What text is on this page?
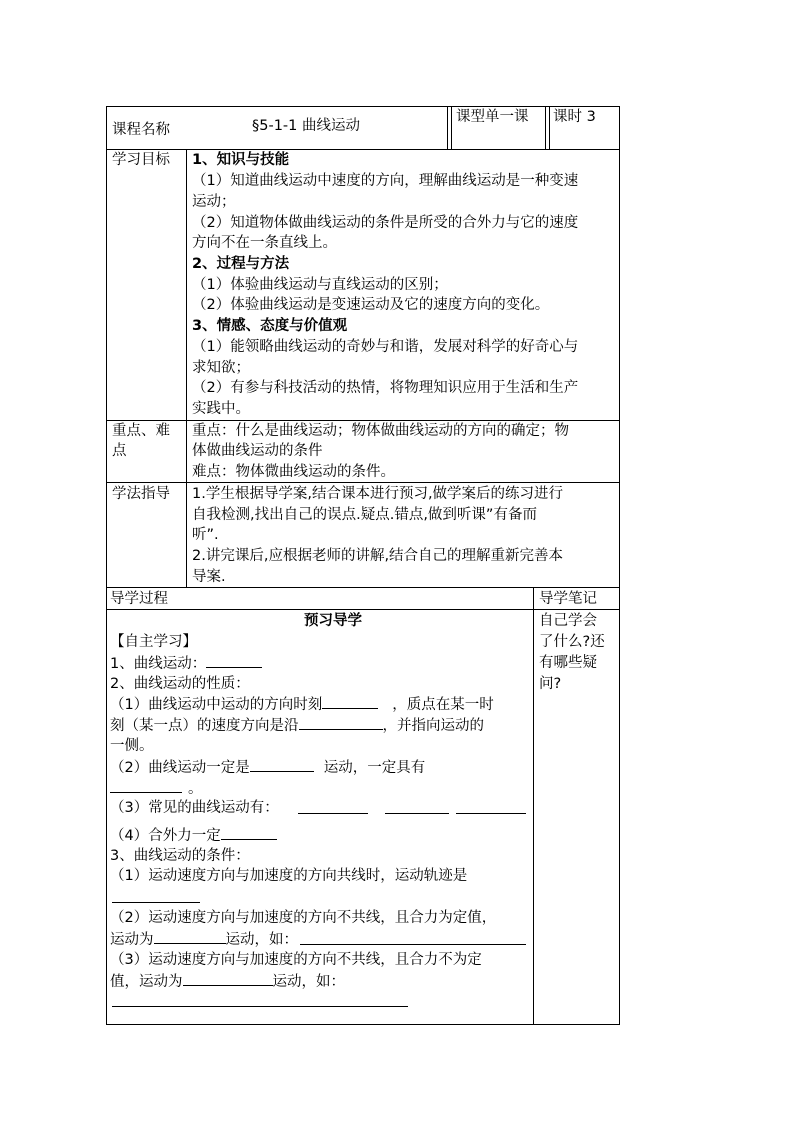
课程名称	§5-1-1 曲线运动
课型单一课 课时 3
学习目标 1、知识与技能
（1）知道曲线运动中速度的方向，理解曲线运动是一种变速
运动；
（2）知道物体做曲线运动的条件是所受的合外力与它的速度
方向不在一条直线上。
2、过程与方法
（1）体验曲线运动与直线运动的区别；
（2）体验曲线运动是变速运动及它的速度方向的变化。
3、情感、态度与价值观
（1）能领略曲线运动的奇妙与和谐，发展对科学的好奇心与
求知欲；
（2）有参与科技活动的热情，将物理知识应用于生活和生产
实践中。
重点、难
点
重点：什么是曲线运动；物体做曲线运动的方向的确定；物
体做曲线运动的条件
难点：物体微曲线运动的条件。
学法指导 1.学生根据导学案,结合课本进行预习,做学案后的练习进行
自我检测,找出自己的误点.疑点.错点,做到听课”有备而
听”.
2.讲完课后,应根据老师的讲解,结合自己的理解重新完善本
导案.
导学过程	导学笔记
预习导学
【自主学习】
1、曲线运动：
2、曲线运动的性质：
（1）曲线运动中运动的方向时刻	，质点在某一时
刻（某一点）的速度方向是沿	，并指向运动的
一侧。
（2）曲线运动一定是	运动，一定具有
。
（3）常见的曲线运动有：
（4）合外力一定
3、曲线运动的条件：
（1）运动速度方向与加速度的方向共线时，运动轨迹是
（2）运动速度方向与加速度的方向不共线，且合力为定值，
运动为	运动，如：
（3）运动速度方向与加速度的方向不共线，且合力不为定
值，运动为	运动，如：
自己学会
了什么?还
有哪些疑
问?
